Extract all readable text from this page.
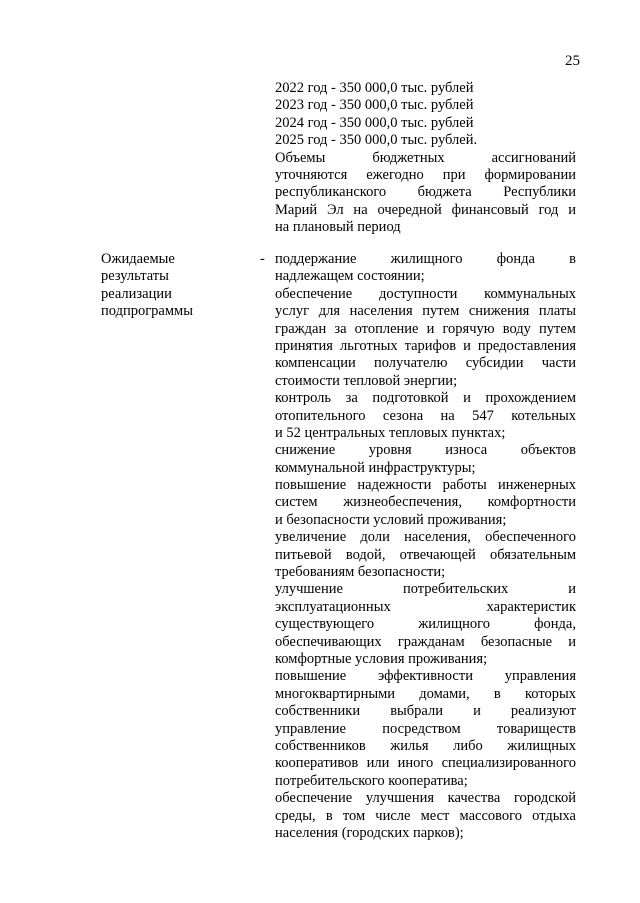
25
2022 год - 350 000,0 тыс. рублей
2023 год - 350 000,0 тыс. рублей
2024 год - 350 000,0 тыс. рублей
2025 год - 350 000,0 тыс. рублей.
Объемы бюджетных ассигнований
уточняются ежегодно при формировании
республиканского бюджета Республики
Марий Эл на очередной финансовый год и
на плановый период
Ожидаемые
результаты
реализации
подпрограммы
- поддержание жилищного фонда в
надлежащем состоянии;
обеспечение доступности коммунальных
услуг для населения путем снижения платы
граждан за отопление и горячую воду путем
принятия льготных тарифов и предоставления
компенсации получателю субсидии части
стоимости тепловой энергии;
контроль за подготовкой и прохождением
отопительного сезона на 547 котельных
и 52 центральных тепловых пунктах;
снижение уровня износа объектов
коммунальной инфраструктуры;
повышение надежности работы инженерных
систем жизнеобеспечения, комфортности
и безопасности условий проживания;
увеличение доли населения, обеспеченного
питьевой водой, отвечающей обязательным
требованиям безопасности;
улучшение потребительских и
эксплуатационных характеристик
существующего жилищного фонда,
обеспечивающих гражданам безопасные и
комфортные условия проживания;
повышение эффективности управления
многоквартирными домами, в которых
собственники выбрали и реализуют
управление посредством товариществ
собственников жилья либо жилищных
кооперативов или иного специализированного
потребительского кооператива;
обеспечение улучшения качества городской
среды, в том числе мест массового отдыха
населения (городских парков);
